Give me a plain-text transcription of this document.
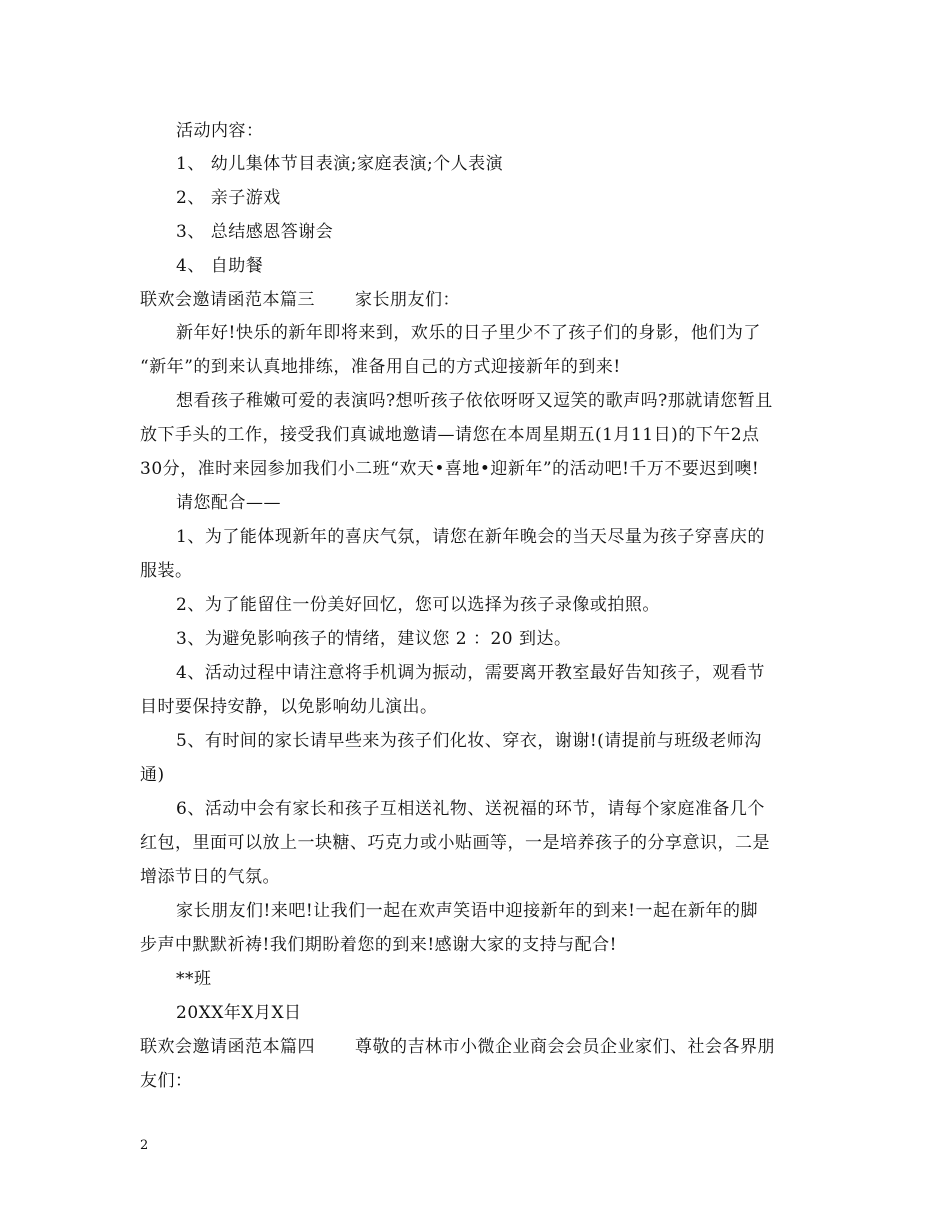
活动内容：
1、 幼儿集体节目表演;家庭表演;个人表演
2、 亲子游戏
3、 总结感恩答谢会
4、 自助餐
联欢会邀请函范本篇三 家长朋友们：
新年好!快乐的新年即将来到，欢乐的日子里少不了孩子们的身影，他们为了
“新年”的到来认真地排练，准备用自己的方式迎接新年的到来!
想看孩子稚嫩可爱的表演吗?想听孩子依依呀呀又逗笑的歌声吗?那就请您暂且
放下手头的工作，接受我们真诚地邀请—请您在本周星期五(1月11日)的下午2点
30分，准时来园参加我们小二班“欢天•喜地•迎新年”的活动吧!千万不要迟到噢!
请您配合——
1、为了能体现新年的喜庆气氛，请您在新年晚会的当天尽量为孩子穿喜庆的
服装。
2、为了能留住一份美好回忆，您可以选择为孩子录像或拍照。
3、为避免影响孩子的情绪，建议您 2 ：20 到达。
4、活动过程中请注意将手机调为振动，需要离开教室最好告知孩子，观看节
目时要保持安静，以免影响幼儿演出。
5、有时间的家长请早些来为孩子们化妆、穿衣，谢谢!(请提前与班级老师沟
通)
6、活动中会有家长和孩子互相送礼物、送祝福的环节，请每个家庭准备几个
红包，里面可以放上一块糖、巧克力或小贴画等，一是培养孩子的分享意识，二是
增添节日的气氛。
家长朋友们!来吧!让我们一起在欢声笑语中迎接新年的到来!一起在新年的脚
步声中默默祈祷!我们期盼着您的到来!感谢大家的支持与配合!
**班
20XX年X月X日
联欢会邀请函范本篇四 尊敬的吉林市小微企业商会会员企业家们、社会各界朋
友们：
2
